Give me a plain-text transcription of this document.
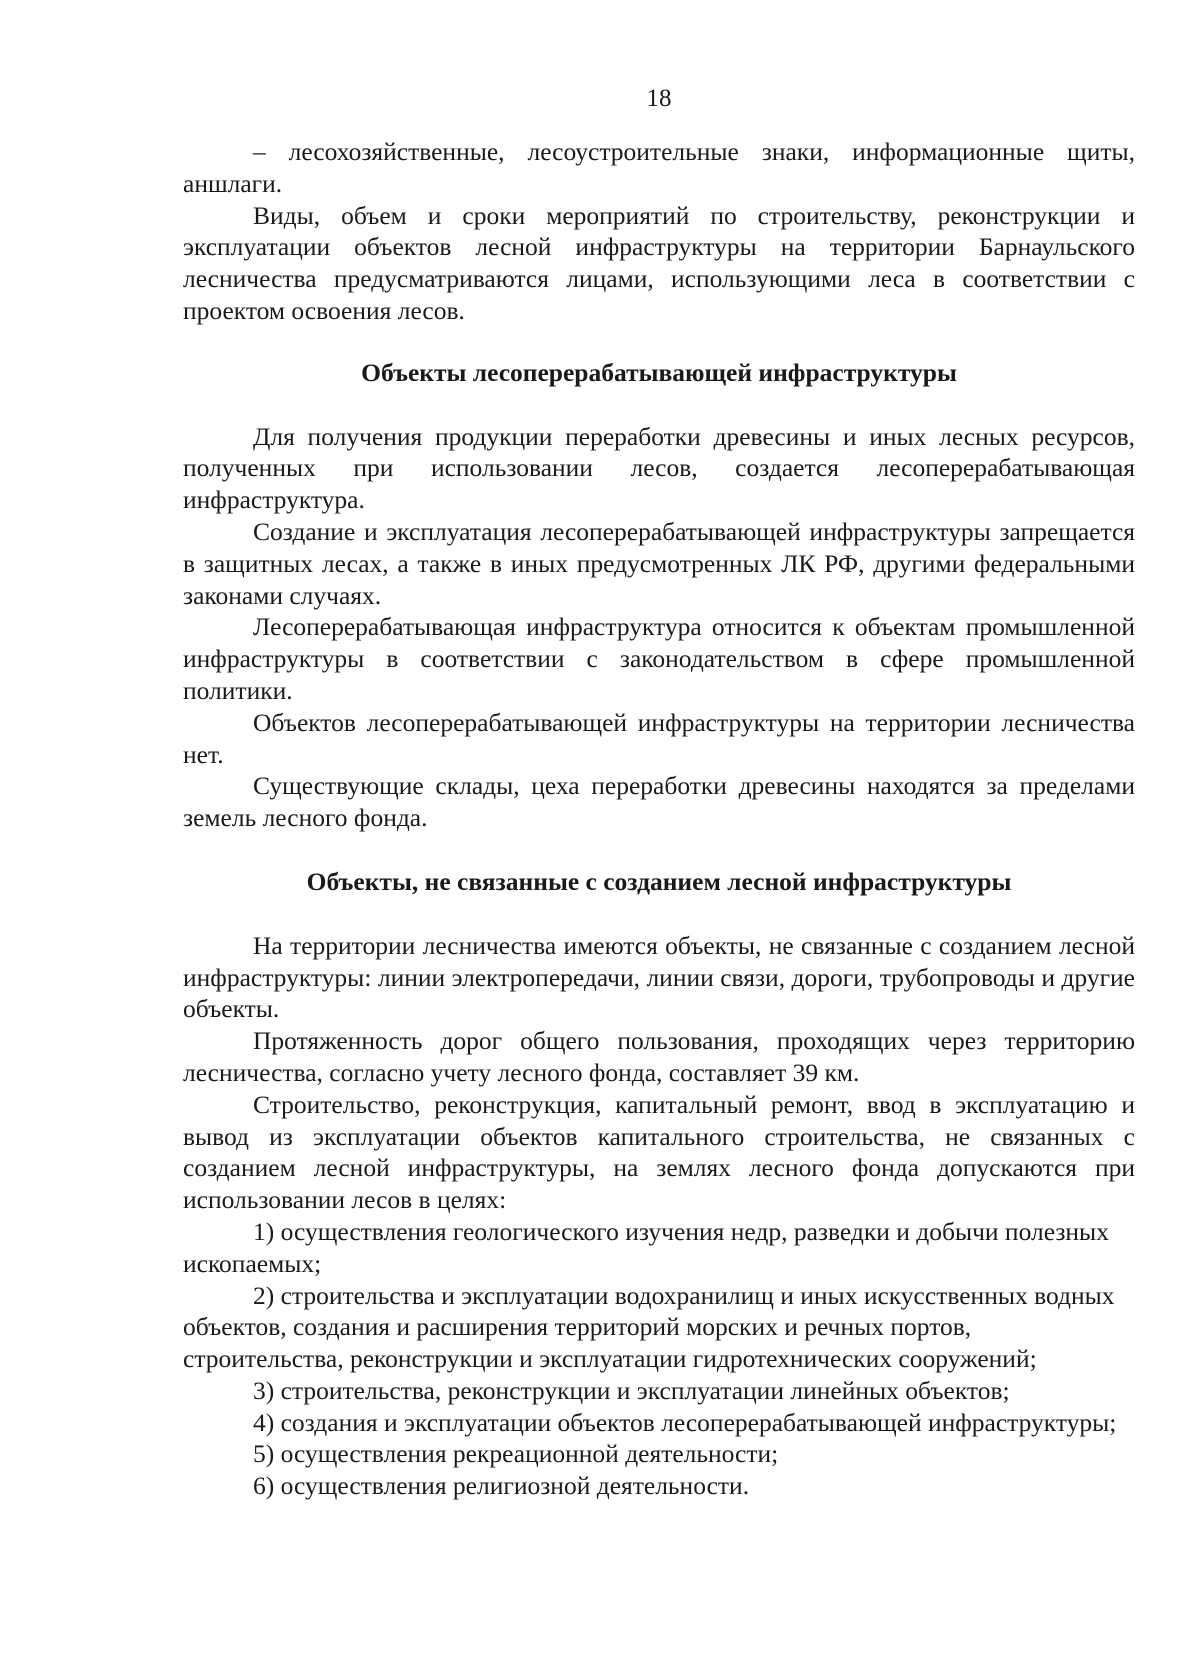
18

– лесохозяйственные, лесоустроительные знаки, информационные щиты, аншлаги.

Виды, объем и сроки мероприятий по строительству, реконструкции и эксплуатации объектов лесной инфраструктуры на территории Барнаульского лесничества предусматриваются лицами, использующими леса в соответствии с проектом освоения лесов.

Объекты лесоперерабатывающей инфраструктуры

Для получения продукции переработки древесины и иных лесных ресурсов, полученных при использовании лесов, создается лесоперерабатывающая инфраструктура.

Создание и эксплуатация лесоперерабатывающей инфраструктуры запрещается в защитных лесах, а также в иных предусмотренных ЛК РФ, другими федеральными законами случаях.

Лесоперерабатывающая инфраструктура относится к объектам промышленной инфраструктуры в соответствии с законодательством в сфере промышленной политики.

Объектов лесоперерабатывающей инфраструктуры на территории лесничества нет.

Существующие склады, цеха переработки древесины находятся за пределами земель лесного фонда.

Объекты, не связанные с созданием лесной инфраструктуры

На территории лесничества имеются объекты, не связанные с созданием лесной инфраструктуры: линии электропередачи, линии связи, дороги, трубопроводы и другие объекты.

Протяженность дорог общего пользования, проходящих через территорию лесничества, согласно учету лесного фонда, составляет 39 км.

Строительство, реконструкция, капитальный ремонт, ввод в эксплуатацию и вывод из эксплуатации объектов капитального строительства, не связанных с созданием лесной инфраструктуры, на землях лесного фонда допускаются при использовании лесов в целях:

1) осуществления геологического изучения недр, разведки и добычи полезных ископаемых;

2) строительства и эксплуатации водохранилищ и иных искусственных водных объектов, создания и расширения территорий морских и речных портов, строительства, реконструкции и эксплуатации гидротехнических сооружений;

3) строительства, реконструкции и эксплуатации линейных объектов;

4) создания и эксплуатации объектов лесоперерабатывающей инфраструктуры;

5) осуществления рекреационной деятельности;

6) осуществления религиозной деятельности.
